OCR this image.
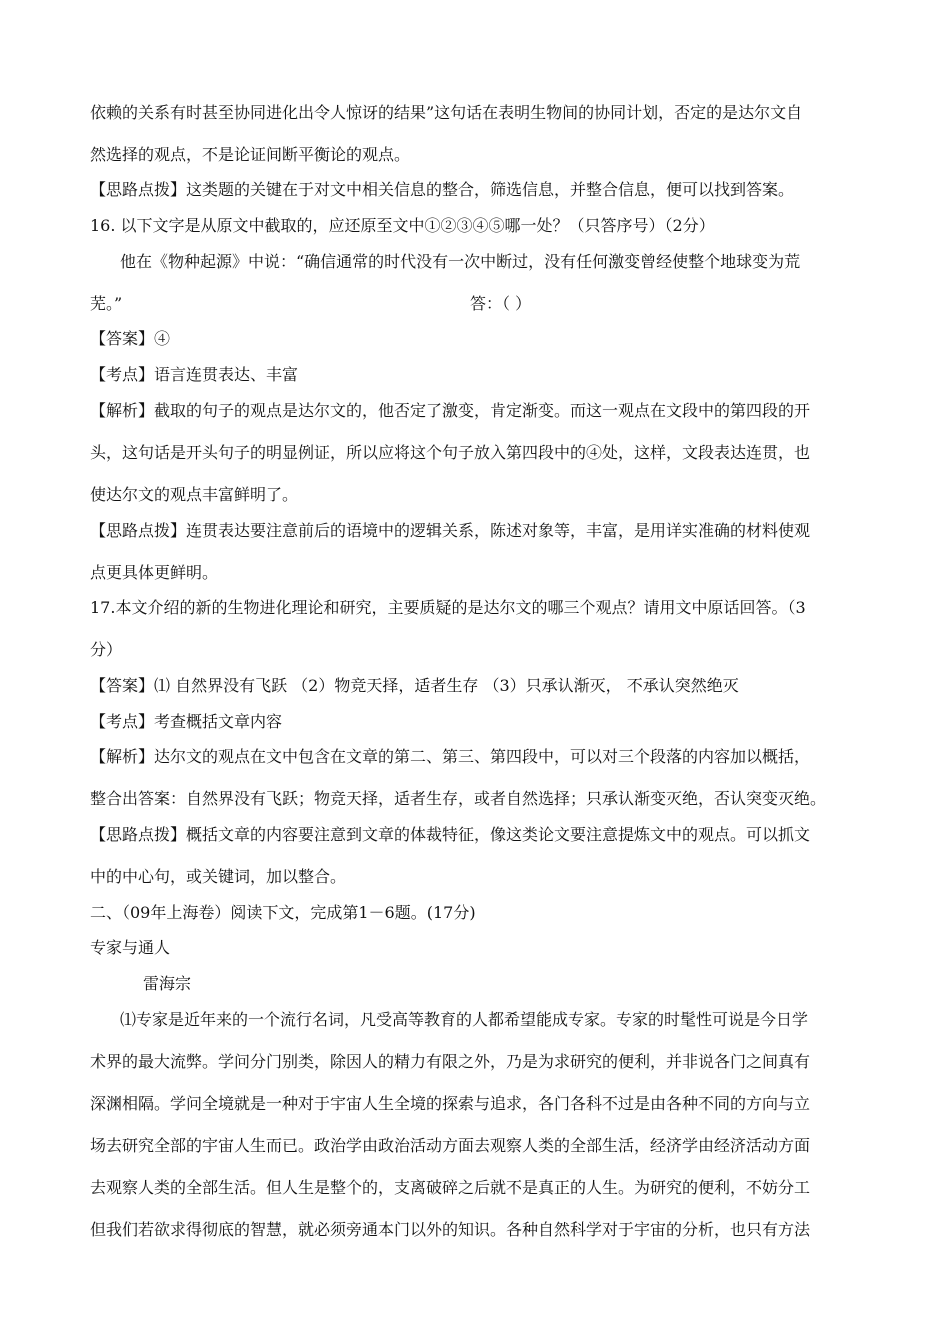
依赖的关系有时甚至协同进化出令人惊讶的结果”这句话在表明生物间的协同计划，否定的是达尔文自
然选择的观点，不是论证间断平衡论的观点。
【思路点拨】这类题的关键在于对文中相关信息的整合，筛选信息，并整合信息，便可以找到答案。
16. 以下文字是从原文中截取的，应还原至文中①②③④⑤哪一处？（只答序号）（2分）
他在《物种起源》中说：“确信通常的时代没有一次中断过，没有任何激变曾经使整个地球变为荒
芜。”	答：（ ）
【答案】④
【考点】语言连贯表达、丰富
【解析】截取的句子的观点是达尔文的，他否定了激变，肯定渐变。而这一观点在文段中的第四段的开
头，这句话是开头句子的明显例证，所以应将这个句子放入第四段中的④处，这样，文段表达连贯，也
使达尔文的观点丰富鲜明了。
【思路点拨】连贯表达要注意前后的语境中的逻辑关系，陈述对象等，丰富，是用详实准确的材料使观
点更具体更鲜明。
17.本文介绍的新的生物进化理论和研究，主要质疑的是达尔文的哪三个观点？请用文中原话回答。（3
分）
【答案】⑴ 自然界没有飞跃 （2）物竞天择，适者生存 （3）只承认渐灭， 不承认突然绝灭
【考点】考查概括文章内容
【解析】达尔文的观点在文中包含在文章的第二、第三、第四段中，可以对三个段落的内容加以概括，
整合出答案：自然界没有飞跃；物竞天择，适者生存，或者自然选择；只承认渐变灭绝，否认突变灭绝。
【思路点拨】概括文章的内容要注意到文章的体裁特征，像这类论文要注意提炼文中的观点。可以抓文
中的中心句，或关键词，加以整合。
二、（09年上海卷）阅读下文，完成第1－6题。(17分)
专家与通人
雷海宗
⑴专家是近年来的一个流行名词，凡受高等教育的人都希望能成专家。专家的时髦性可说是今日学
术界的最大流弊。学问分门别类，除因人的精力有限之外，乃是为求研究的便利，并非说各门之间真有
深渊相隔。学问全境就是一种对于宇宙人生全境的探索与追求，各门各科不过是由各种不同的方向与立
场去研究全部的宇宙人生而已。政治学由政治活动方面去观察人类的全部生活，经济学由经济活动方面
去观察人类的全部生活。但人生是整个的，支离破碎之后就不是真正的人生。为研究的便利，不妨分工
但我们若欲求得彻底的智慧，就必须旁通本门以外的知识。各种自然科学对于宇宙的分析，也只有方法
